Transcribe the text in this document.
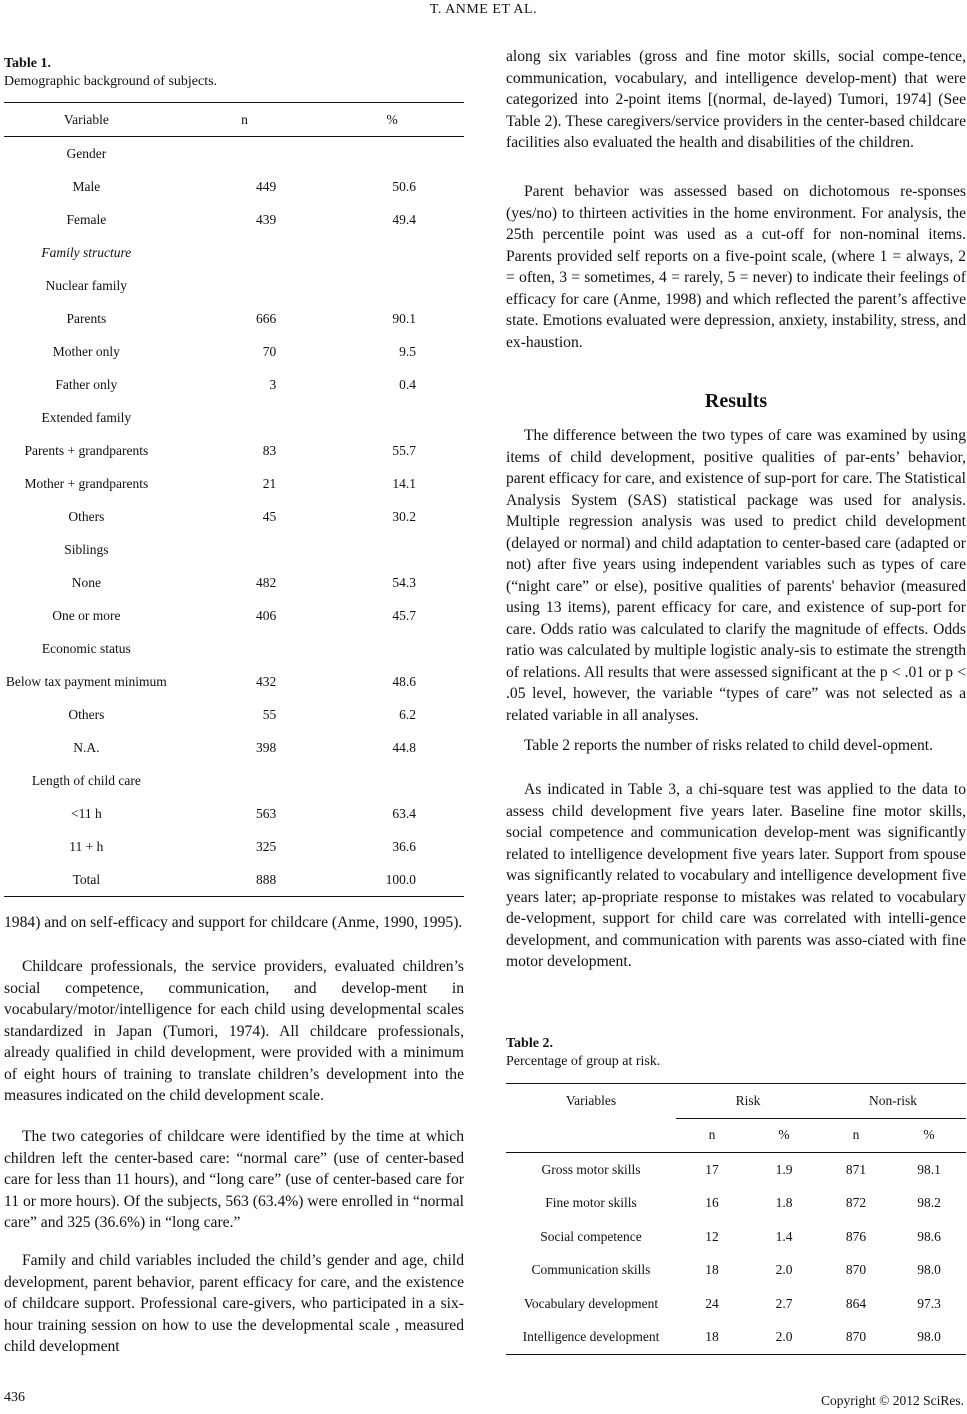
T. ANME ET AL.
Table 1.
Demographic background of subjects.
Variable	n	%
Gender		
Male	449	50.6
Female	439	49.4
Family structure		
Nuclear family		
Parents	666	90.1
Mother only	70	9.5
Father only	3	0.4
Extended family		
Parents + grandparents	83	55.7
Mother + grandparents	21	14.1
Others	45	30.2
Siblings		
None	482	54.3
One or more	406	45.7
Economic status		
Below tax payment minimum	432	48.6
Others	55	6.2
N.A.	398	44.8
Length of child care		
<11 h	563	63.4
11 + h	325	36.6
Total	888	100.0

1984) and on self-efficacy and support for childcare (Anme, 1990, 1995).

Childcare professionals, the service providers, evaluated children’s social competence, communication, and develop-ment in vocabulary/motor/intelligence for each child using developmental scales standardized in Japan (Tumori, 1974). All childcare professionals, already qualified in child development, were provided with a minimum of eight hours of training to translate children’s development into the measures indicated on the child development scale.

The two categories of childcare were identified by the time at which children left the center-based care: “normal care” (use of center-based care for less than 11 hours), and “long care” (use of center-based care for 11 or more hours). Of the subjects, 563 (63.4%) were enrolled in “normal care” and 325 (36.6%) in “long care.”

Family and child variables included the child’s gender and age, child development, parent behavior, parent efficacy for care, and the existence of childcare support. Professional care-givers, who participated in a six-hour training session on how to use the developmental scale , measured child development

along six variables (gross and fine motor skills, social compe-tence, communication, vocabulary, and intelligence develop-ment) that were categorized into 2-point items [(normal, de-layed) Tumori, 1974] (See Table 2). These caregivers/service providers in the center-based childcare facilities also evaluated the health and disabilities of the children.

Parent behavior was assessed based on dichotomous re-sponses (yes/no) to thirteen activities in the home environment. For analysis, the 25th percentile point was used as a cut-off for non-nominal items. Parents provided self reports on a five-point scale, (where 1 = always, 2 = often, 3 = sometimes, 4 = rarely, 5 = never) to indicate their feelings of efficacy for care (Anme, 1998) and which reflected the parent’s affective state. Emotions evaluated were depression, anxiety, instability, stress, and ex-haustion.

Results

The difference between the two types of care was examined by using items of child development, positive qualities of par-ents’ behavior, parent efficacy for care, and existence of sup-port for care. The Statistical Analysis System (SAS) statistical package was used for analysis. Multiple regression analysis was used to predict child development (delayed or normal) and child adaptation to center-based care (adapted or not) after five years using independent variables such as types of care (“night care” or else), positive qualities of parents' behavior (measured using 13 items), parent efficacy for care, and existence of sup-port for care. Odds ratio was calculated to clarify the magnitude of effects. Odds ratio was calculated by multiple logistic analy-sis to estimate the strength of relations. All results that were assessed significant at the p < .01 or p < .05 level, however, the variable “types of care” was not selected as a related variable in all analyses.

Table 2 reports the number of risks related to child devel-opment.

As indicated in Table 3, a chi-square test was applied to the data to assess child development five years later. Baseline fine motor skills, social competence and communication develop-ment was significantly related to intelligence development five years later. Support from spouse was significantly related to vocabulary and intelligence development five years later; ap-propriate response to mistakes was related to vocabulary de-velopment, support for child care was correlated with intelli-gence development, and communication with parents was asso-ciated with fine motor development.

Table 2.
Percentage of group at risk.
Variables	Risk		Non-risk	
	n	%	n	%
Gross motor skills	17	1.9	871	98.1
Fine motor skills	16	1.8	872	98.2
Social competence	12	1.4	876	98.6
Communication skills	18	2.0	870	98.0
Vocabulary development	24	2.7	864	97.3
Intelligence development	18	2.0	870	98.0
436	Copyright © 2012 SciRes.
